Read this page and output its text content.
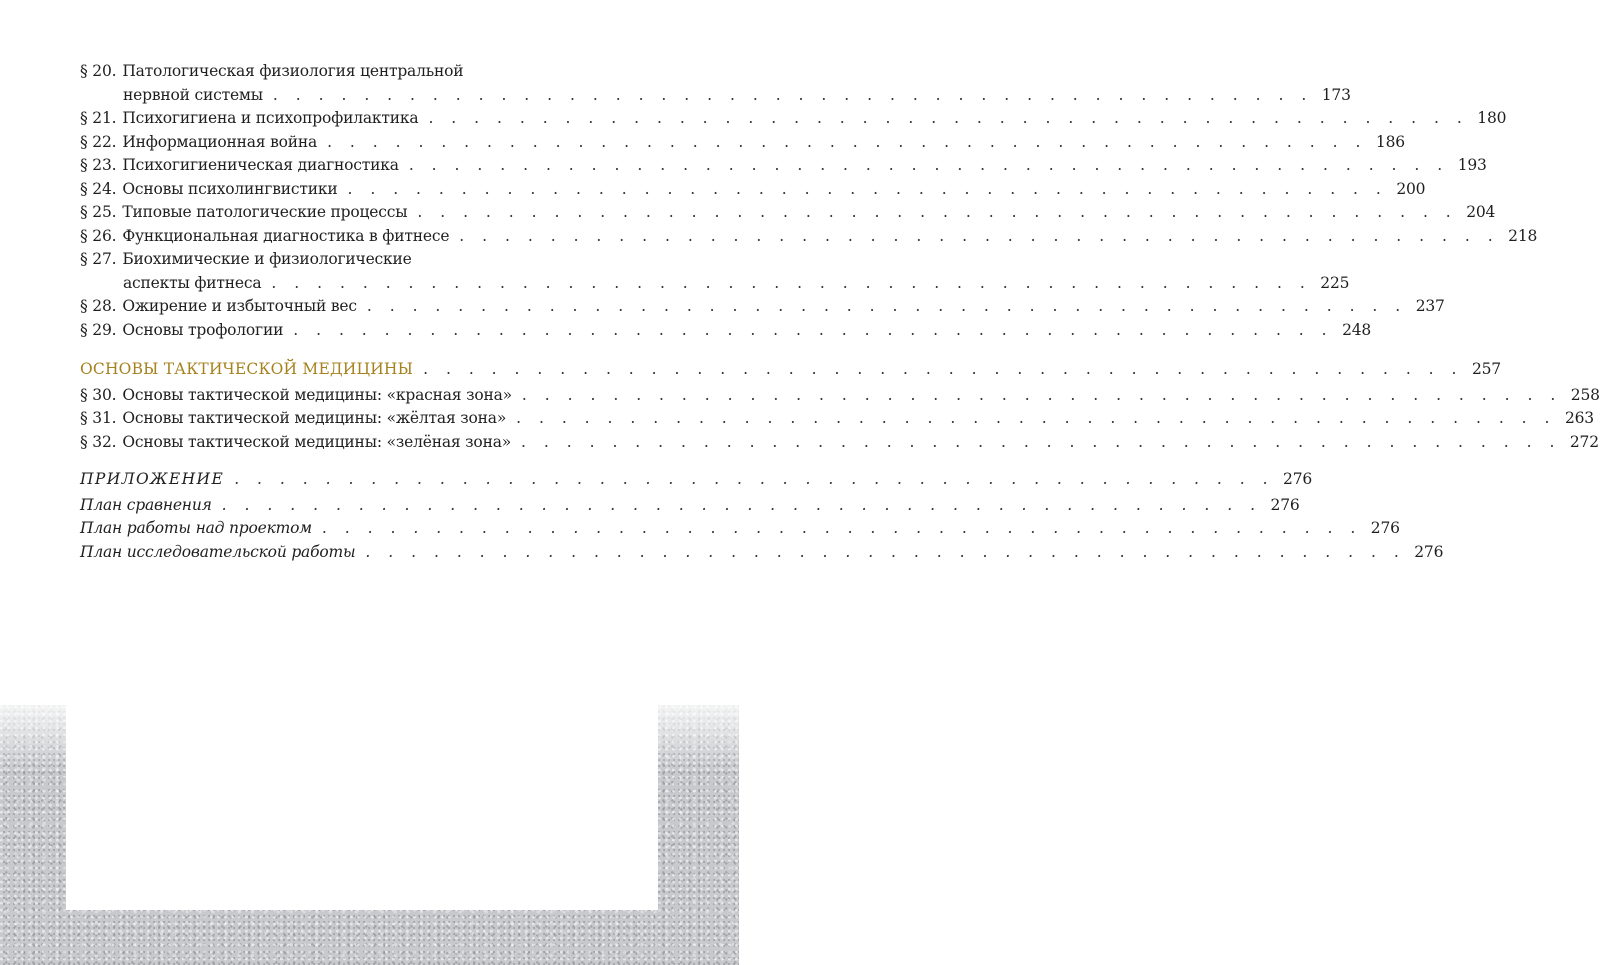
§ 20. Патологическая физиология центральной
нервной системы . . . . . . . . . . . . . . . . . . . . . . . . . . . . . . . . . . . . . . . . . . . . . . 173
§ 21. Психогигиена и психопрофилактика . . . . . . . . . . . . . . . . . . . . . . . . . . . . . . . . . . . . . . . . . . . . . . 180
§ 22. Информационная война . . . . . . . . . . . . . . . . . . . . . . . . . . . . . . . . . . . . . . . . . . . . . . 186
§ 23. Психогигиеническая диагностика . . . . . . . . . . . . . . . . . . . . . . . . . . . . . . . . . . . . . . . . . . . . . . 193
§ 24. Основы психолингвистики . . . . . . . . . . . . . . . . . . . . . . . . . . . . . . . . . . . . . . . . . . . . . . 200
§ 25. Типовые патологические процессы . . . . . . . . . . . . . . . . . . . . . . . . . . . . . . . . . . . . . . . . . . . . . . 204
§ 26. Функциональная диагностика в фитнесе . . . . . . . . . . . . . . . . . . . . . . . . . . . . . . . . . . . . . . . . . . . . . . 218
§ 27. Биохимические и физиологические
аспекты фитнеса . . . . . . . . . . . . . . . . . . . . . . . . . . . . . . . . . . . . . . . . . . . . . . 225
§ 28. Ожирение и избыточный вес . . . . . . . . . . . . . . . . . . . . . . . . . . . . . . . . . . . . . . . . . . . . . . 237
§ 29. Основы трофологии . . . . . . . . . . . . . . . . . . . . . . . . . . . . . . . . . . . . . . . . . . . . . . 248
ОСНОВЫ ТАКТИЧЕСКОЙ МЕДИЦИНЫ . . . . . . . . . . . . . . . . . . . . . . . . . . . . . . . . . . . . . . . . . . . . . . 257
§ 30. Основы тактической медицины: «красная зона» . . . . . . . . . . . . . . . . . . . . . . . . . . . . . . . . . . . . . . . . . . . . . . 258
§ 31. Основы тактической медицины: «жёлтая зона» . . . . . . . . . . . . . . . . . . . . . . . . . . . . . . . . . . . . . . . . . . . . . . 263
§ 32. Основы тактической медицины: «зелёная зона» . . . . . . . . . . . . . . . . . . . . . . . . . . . . . . . . . . . . . . . . . . . . . . 272
ПРИЛОЖЕНИЕ . . . . . . . . . . . . . . . . . . . . . . . . . . . . . . . . . . . . . . . . . . . . . . 276
План сравнения . . . . . . . . . . . . . . . . . . . . . . . . . . . . . . . . . . . . . . . . . . . . . . 276
План работы над проектом . . . . . . . . . . . . . . . . . . . . . . . . . . . . . . . . . . . . . . . . . . . . . . 276
План исследовательской работы . . . . . . . . . . . . . . . . . . . . . . . . . . . . . . . . . . . . . . . . . . . . . . 276
